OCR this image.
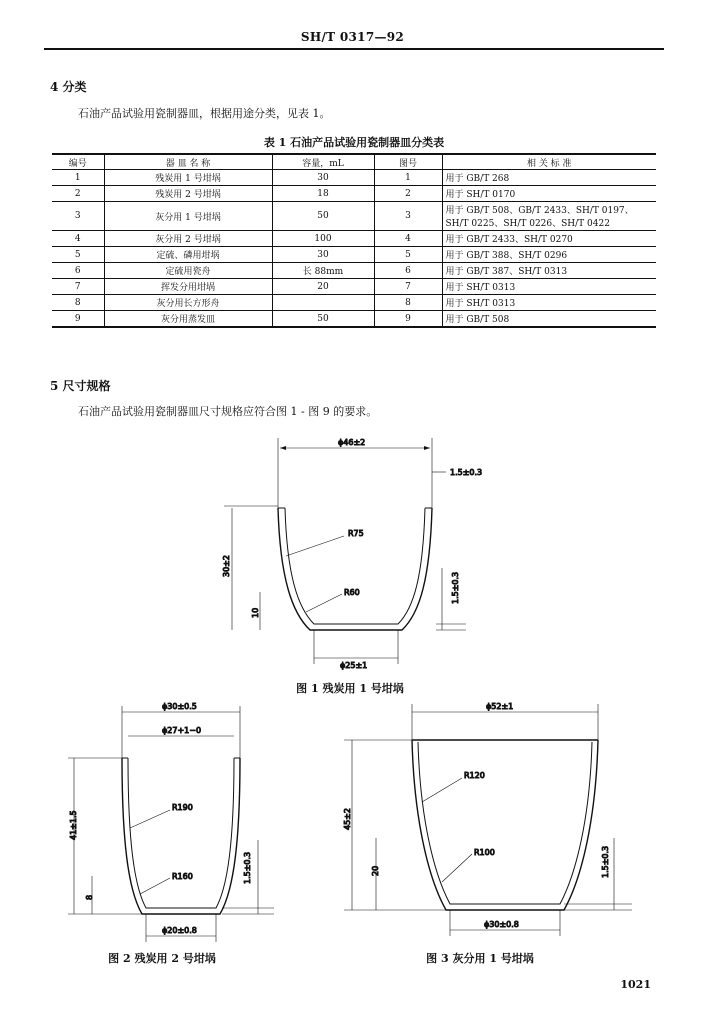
SH/T 0317—92
4 分类
石油产品试验用瓷制器皿，根据用途分类，见表 1。
表 1 石油产品试验用瓷制器皿分类表
编号	器 皿 名 称	容量，mL	图号	相 关 标 准
1	残炭用 1 号坩埚	30	1	用于 GB/T 268
2	残炭用 2 号坩埚	18	2	用于 SH/T 0170
3	灰分用 1 号坩埚	50	3	用于 GB/T 508、GB/T 2433、SH/T 0197、SH/T 0225、SH/T 0226、SH/T 0422
4	灰分用 2 号坩埚	100	4	用于 GB/T 2433、SH/T 0270
5	定硫、磷用坩埚	30	5	用于 GB/T 388、SH/T 0296
6	定硫用瓷舟	长 88mm	6	用于 GB/T 387、SH/T 0313
7	挥发分用坩埚	20	7	用于 SH/T 0313
8	灰分用长方形舟		8	用于 SH/T 0313
9	灰分用蒸发皿	50	9	用于 GB/T 508
5 尺寸规格
石油产品试验用瓷制器皿尺寸规格应符合图 1 - 图 9 的要求。
ϕ46±2
1.5±0.3
30±2
R75
R60
10
1.5±0.3
ϕ25±1
图 1 残炭用 1 号坩埚
ϕ30±0.5
ϕ27+1−0
41±1.5
R190
R160
8
1.5±0.3
ϕ20±0.8
图 2 残炭用 2 号坩埚
ϕ52±1
45±2
R120
R100
20	1.5±0.3
ϕ30±0.8
图 3 灰分用 1 号坩埚
1021
